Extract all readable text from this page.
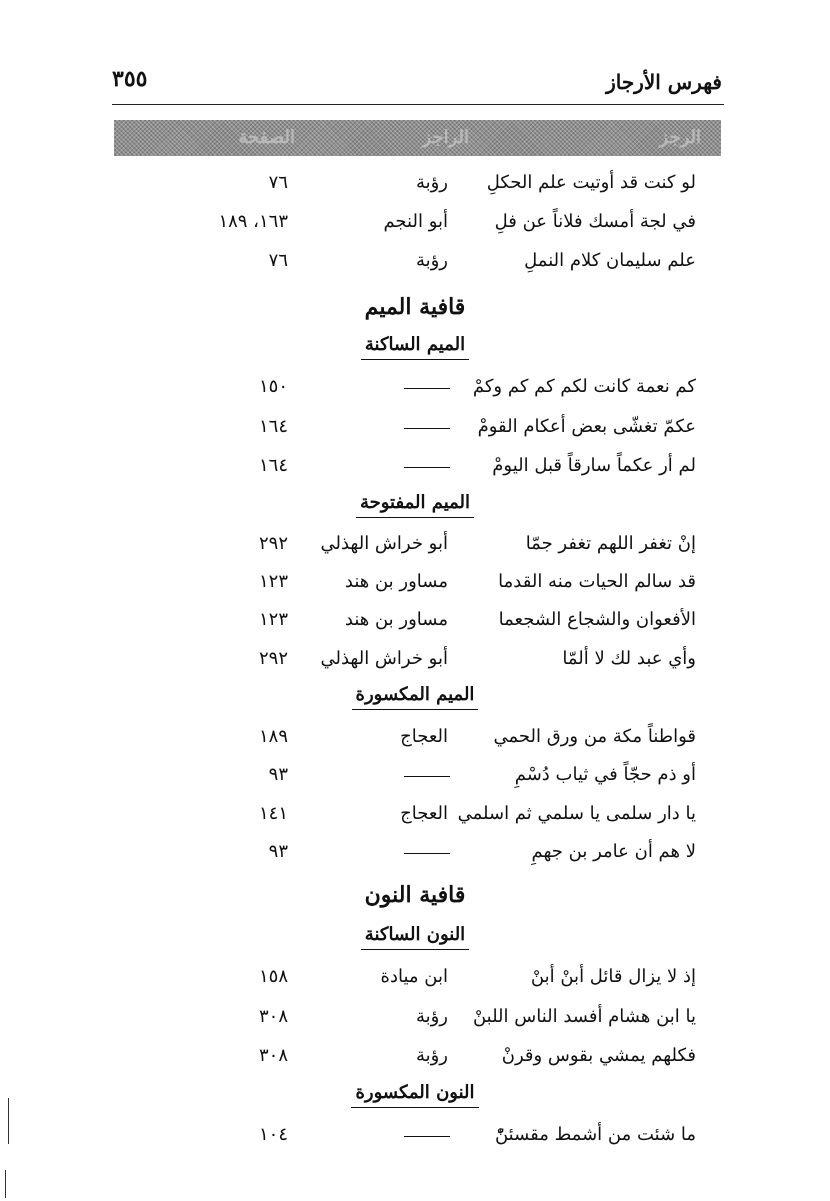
٣٥٥	فهرس الأرجاز
الرجز
الراجز
الصفحة
لو كنت قد أوتيت علم الحكلِ
رؤبة
٧٦
في لجة أمسك فلاناً عن فلِ
أبو النجم
١٦٣، ١٨٩
علم سليمان كلام النملِ
رؤبة
٧٦
قافية الميم
الميم الساكنة
كم نعمة كانت لكم كم كم وكمْ
١٥٠
عكمّ تغشّى بعض أعكام القومْ
١٦٤
لم أر عكماً سارقاً قبل اليومْ
١٦٤
الميم المفتوحة
إنْ تغفر اللهم تغفر جمّا
أبو خراش الهذلي
٢٩٢
قد سالم الحيات منه القدما
مساور بن هند
١٢٣
الأفعوان والشجاع الشجعما
مساور بن هند
١٢٣
وأي عبد لك لا ألمّا
أبو خراش الهذلي
٢٩٢
الميم المكسورة
قواطناً مكة من ورق الحمي
العجاج
١٨٩
أو ذم حجّاً في ثياب دُسْمِ
٩٣
يا دار سلمى يا سلمي ثم اسلمي
العجاج
١٤١
لا هم أن عامر بن جهمِ
٩٣
قافية النون
النون الساكنة
إذ لا يزال قائل أبنْ أبنْ
ابن ميادة
١٥٨
يا ابن هشام أفسد الناس اللبنْ
رؤبة
٣٠٨
فكلهم يمشي بقوس وقرنْ
رؤبة
٣٠٨
النون المكسورة
ما شئت من أشمط مقسئنّْ
١٠٤
